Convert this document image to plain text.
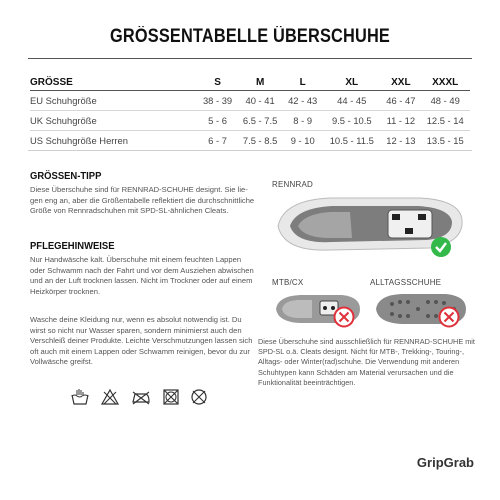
GRÖSSENTABELLE ÜBERSCHUHE
GRÖSSE	S	M	L	XL	XXL	XXXL
EU Schuhgröße	38 - 39	40 - 41	42 - 43	44 - 45	46 - 47	48 - 49
UK Schuhgröße	5 - 6	6.5 - 7.5	8 - 9	9.5 - 10.5	11 - 12	12.5 - 14
US Schuhgröße Herren	6 - 7	7.5 - 8.5	9 - 10	10.5 - 11.5	12 - 13	13.5 - 15
GRÖSSEN-TIPP
Diese Überschuhe sind für RENNRAD-SCHUHE designt. Sie lie-
gen eng an, aber die Größentabelle reflektiert die durchschnittliche
Größe von Rennradschuhen mit SPD-SL-ähnlichen Cleats.
PFLEGEHINWEISE
Nur Handwäsche kalt. Überschuhe mit einem feuchten Lappen
oder Schwamm nach der Fahrt und vor dem Ausziehen abwischen
und an der Luft trocknen lassen. Nicht im Trockner oder auf einem
Heizkörper trocknen.
Wasche deine Kleidung nur, wenn es absolut notwendig ist. Du
wirst so nicht nur Wasser sparen, sondern minimierst auch den
Verschleiß deiner Produkte. Leichte Verschmutzungen lassen sich
oft auch mit einem Lappen oder Schwamm reinigen, bevor du zur
Vollwäsche greifst.
RENNRAD
MTB/CX	ALLTAGSSCHUHE
Diese Überschuhe sind ausschließlich für RENNRAD-SCHUHE mit
SPD-SL o.ä. Cleats designt. Nicht für MTB-, Trekking-, Touring-,
Alltags- oder Winter(rad)schuhe. Die Verwendung mit anderen
Schuhtypen kann Schäden am Material verursachen und die
Funktionalität beeinträchtigen.
GripGrab
